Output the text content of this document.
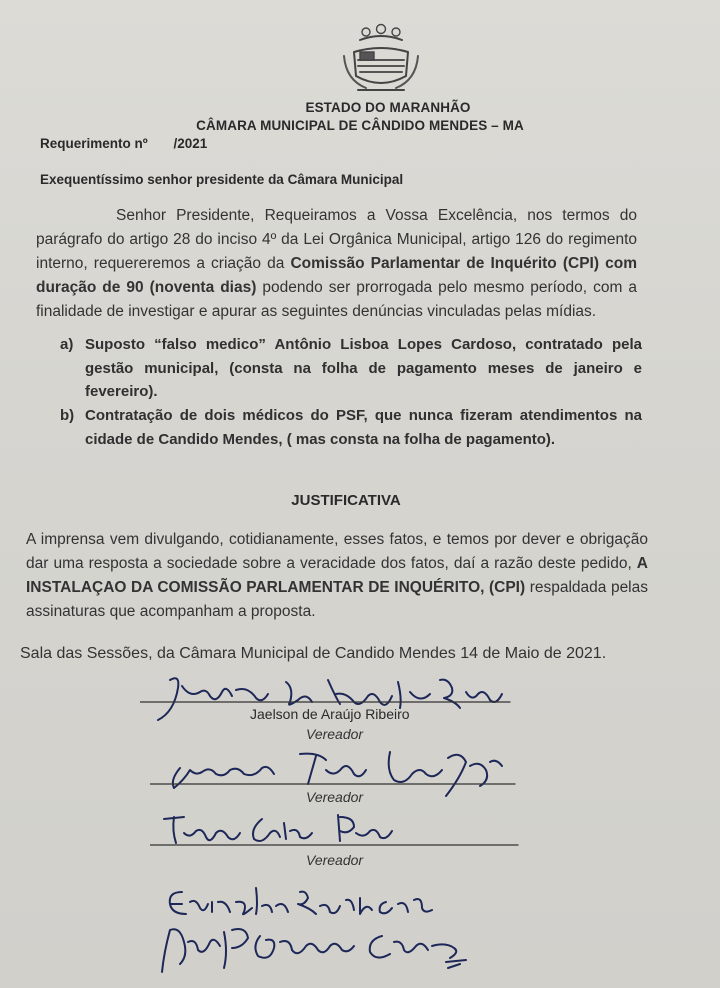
ESTADO DO MARANHÃO
CÂMARA MUNICIPAL DE CÂNDIDO MENDES – MA
Requerimento nº /2021
Exequentíssimo senhor presidente da Câmara Municipal
Senhor Presidente, Requeiramos a Vossa Excelência, nos termos do parágrafo do artigo 28 do inciso 4º da Lei Orgânica Municipal, artigo 126 do regimento interno, requereremos a criação da Comissão Parlamentar de Inquérito (CPI) com duração de 90 (noventa dias) podendo ser prorrogada pelo mesmo período, com a finalidade de investigar e apurar as seguintes denúncias vinculadas pelas mídias.
a) Suposto “falso medico” Antônio Lisboa Lopes Cardoso, contratado pela gestão municipal, (consta na folha de pagamento meses de janeiro e fevereiro).
b) Contratação de dois médicos do PSF, que nunca fizeram atendimentos na cidade de Candido Mendes, ( mas consta na folha de pagamento).
JUSTIFICATIVA
A imprensa vem divulgando, cotidianamente, esses fatos, e temos por dever e obrigação dar uma resposta a sociedade sobre a veracidade dos fatos, daí a razão deste pedido, A INSTALAÇAO DA COMISSÃO PARLAMENTAR DE INQUÉRITO, (CPI) respaldada pelas assinaturas que acompanham a proposta.
Sala das Sessões, da Câmara Municipal de Candido Mendes 14 de Maio de 2021.
Jaelson de Araújo Ribeiro
Vereador
Vereador
Vereador
